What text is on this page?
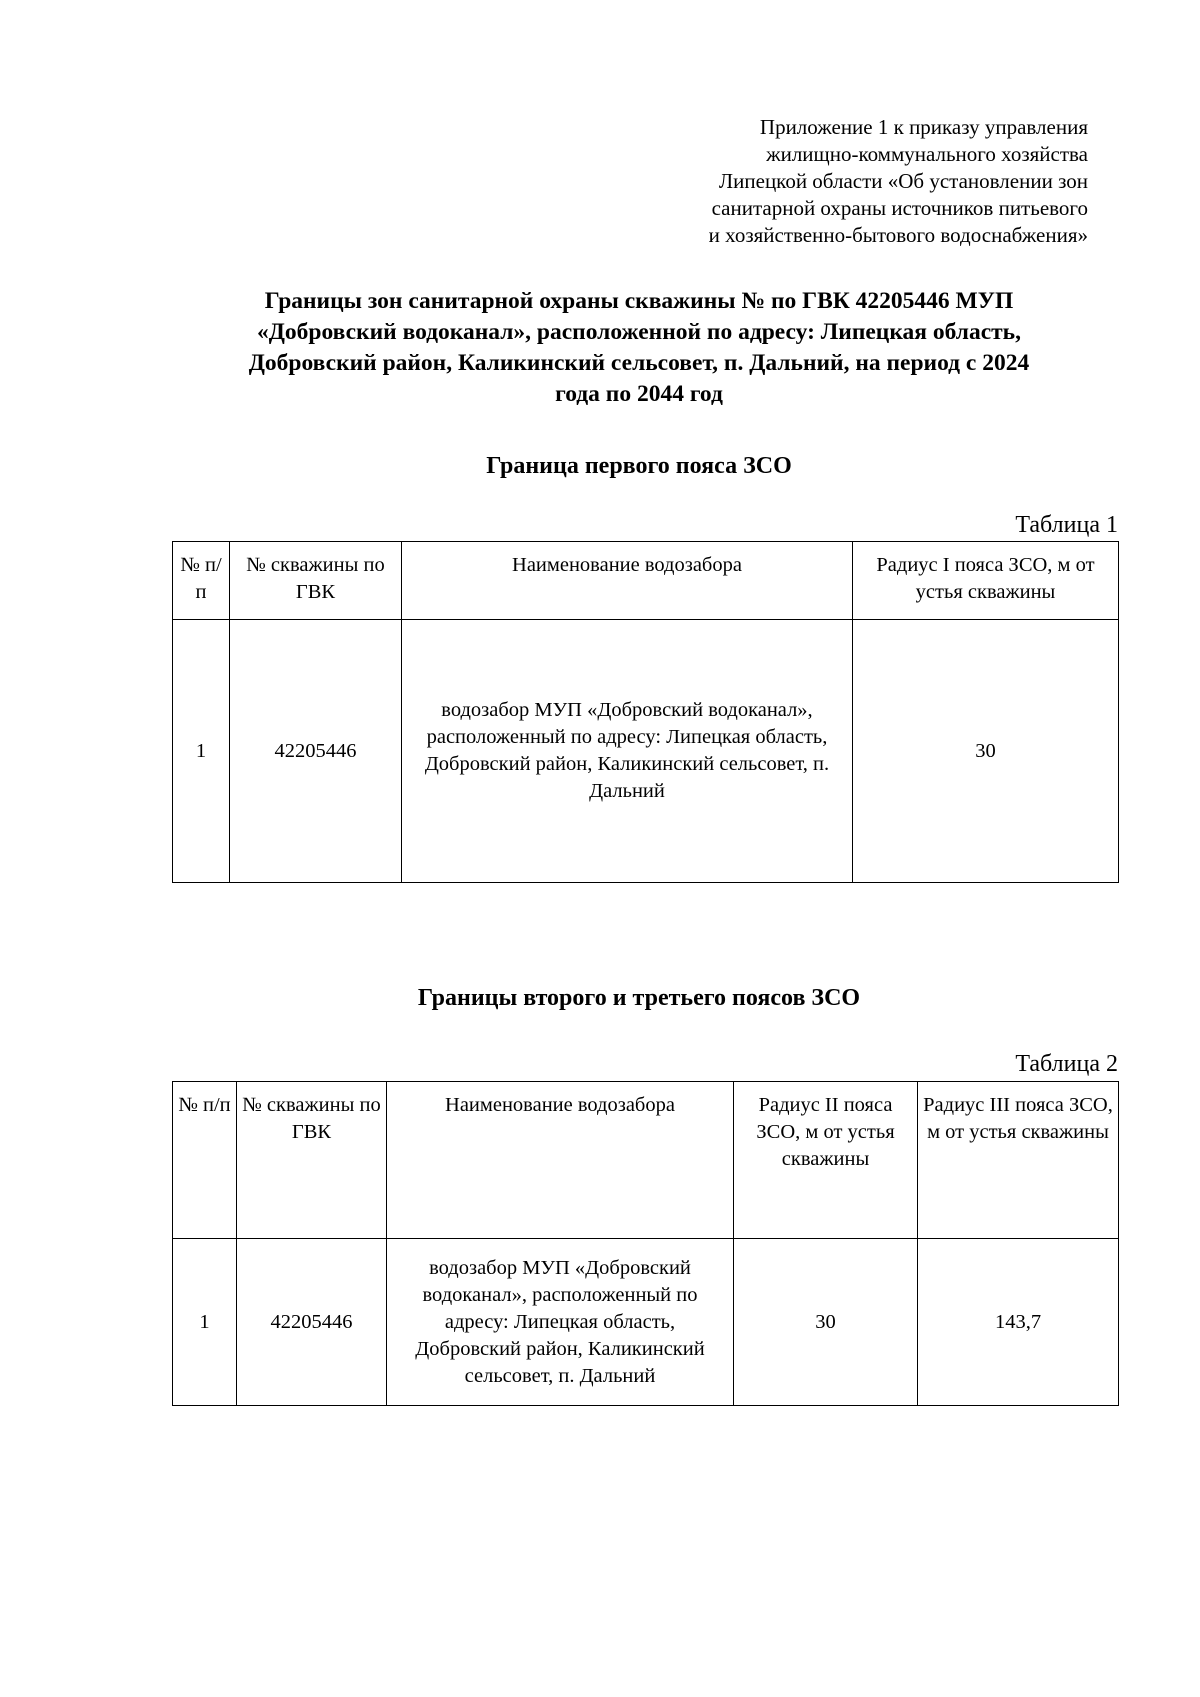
Приложение 1 к приказу управления
жилищно-коммунального хозяйства
Липецкой области «Об установлении зон
санитарной охраны источников питьевого
и хозяйственно-бытового водоснабжения»
Границы зон санитарной охраны скважины № по ГВК 42205446 МУП
«Добровский водоканал», расположенной по адресу: Липецкая область,
Добровский район, Каликинский сельсовет, п. Дальний, на период с 2024
года по 2044 год
Граница первого пояса ЗСО
Таблица 1
№ п/п	№ скважины по ГВК	Наименование водозабора	Радиус I пояса ЗСО, м от устья скважины
1	42205446	водозабор МУП «Добровский водоканал», расположенный по адресу: Липецкая область, Добровский район, Каликинский сельсовет, п. Дальний	30
Границы второго и третьего поясов ЗСО
Таблица 2
№ п/п	№ скважины по ГВК	Наименование водозабора	Радиус II пояса ЗСО, м от устья скважины	Радиус III пояса ЗСО, м от устья скважины
1	42205446	водозабор МУП «Добровский водоканал», расположенный по адресу: Липецкая область, Добровский район, Каликинский сельсовет, п. Дальний	30	143,7
